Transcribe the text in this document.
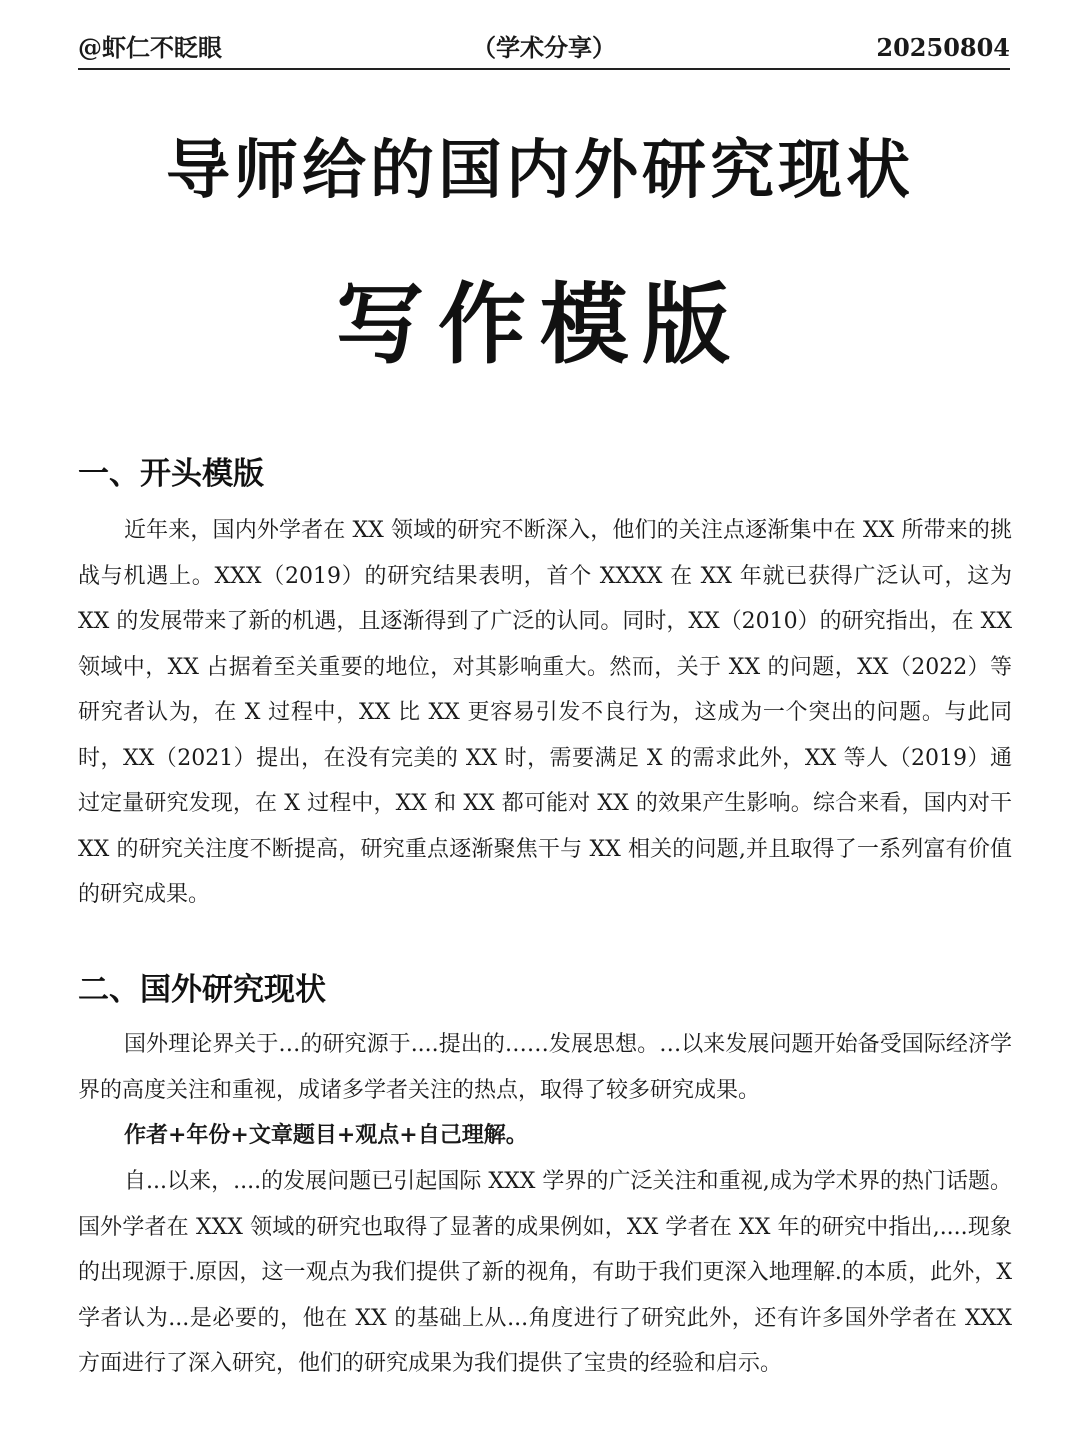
@虾仁不眨眼	（学术分享）	20250804
导师给的国内外研究现状
写作模版
一、开头模版

近年来，国内外学者在 XX 领域的研究不断深入，他们的关注点逐渐集中在 XX 所带来的挑战与机遇上。XXX（2019）的研究结果表明，首个 XXXX 在 XX 年就已获得广泛认可，这为 XX 的发展带来了新的机遇，且逐渐得到了广泛的认同。同时，XX（2010）的研究指出，在 XX 领域中，XX 占据着至关重要的地位，对其影响重大。然而，关于 XX 的问题，XX（2022）等研究者认为，在 X 过程中，XX 比 XX 更容易引发不良行为，这成为一个突出的问题。与此同时，XX（2021）提出，在没有完美的 XX 时，需要满足 X 的需求此外，XX 等人（2019）通过定量研究发现，在 X 过程中，XX 和 XX 都可能对 XX 的效果产生影响。综合来看，国内对干 XX 的研究关注度不断提高，研究重点逐渐聚焦干与 XX 相关的问题,并且取得了一系列富有价值的研究成果。

二、国外研究现状

国外理论界关于…的研究源于....提出的……发展思想。…以来发展问题开始备受国际经济学界的高度关注和重视，成诸多学者关注的热点，取得了较多研究成果。

作者+年份+文章题目+观点+自己理解。

自...以来，....的发展问题已引起国际 XXX 学界的广泛关注和重视,成为学术界的热门话题。国外学者在 XXX 领域的研究也取得了显著的成果例如，XX 学者在 XX 年的研究中指出,....现象的出现源于.原因，这一观点为我们提供了新的视角，有助于我们更深入地理解.的本质，此外，X 学者认为...是必要的，他在 XX 的基础上从...角度进行了研究此外，还有许多国外学者在 XXX 方面进行了深入研究，他们的研究成果为我们提供了宝贵的经验和启示。
